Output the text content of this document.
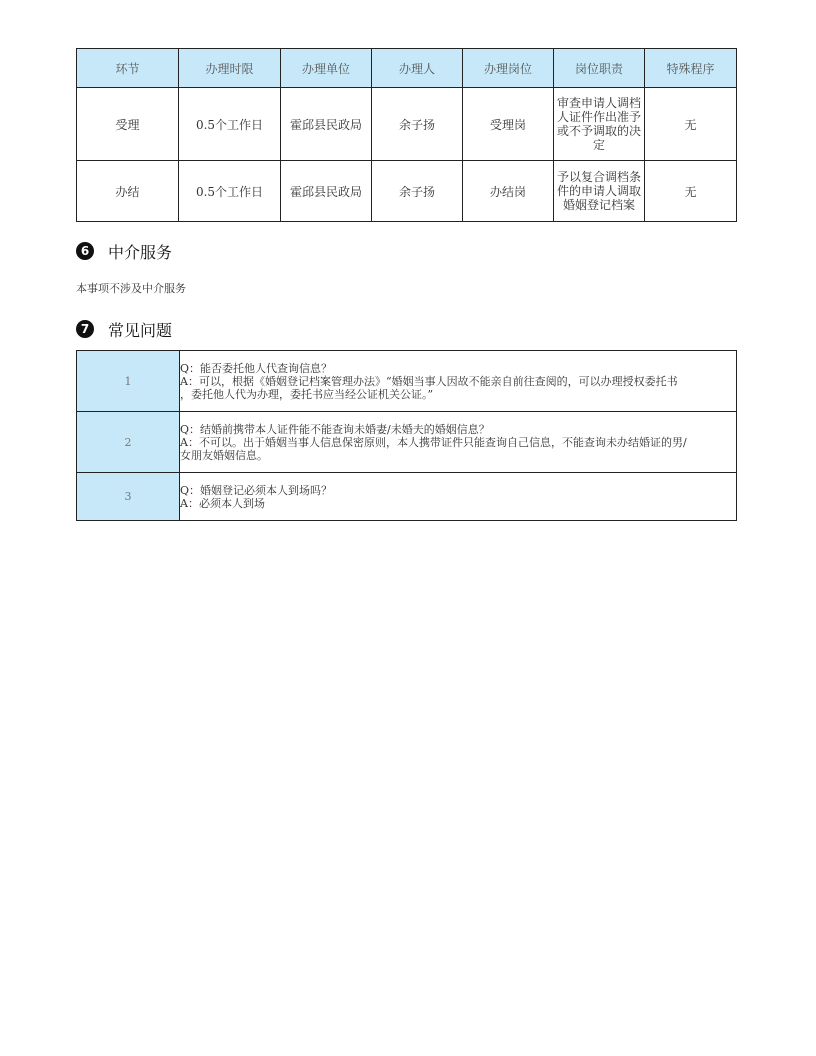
环节	办理时限	办理单位	办理人	办理岗位	岗位职责	特殊程序
受理	0.5个工作日	霍邱县民政局	余子扬	受理岗	审查申请人调档人证件作出准予或不予调取的决定	无
办结	0.5个工作日	霍邱县民政局	余子扬	办结岗	予以复合调档条件的申请人调取婚姻登记档案	无
6	中介服务
本事项不涉及中介服务
7	常见问题
1	Q：能否委托他人代查询信息？
A：可以，根据《婚姻登记档案管理办法》“婚姻当事人因故不能亲自前往查阅的，可以办理授权委托书
，委托他人代为办理，委托书应当经公证机关公证。”

2	Q：结婚前携带本人证件能不能查询未婚妻/未婚夫的婚姻信息？
A：不可以。出于婚姻当事人信息保密原则，本人携带证件只能查询自己信息，不能查询未办结婚证的男/
女朋友婚姻信息。

3	Q：婚姻登记必须本人到场吗？
A：必须本人到场
